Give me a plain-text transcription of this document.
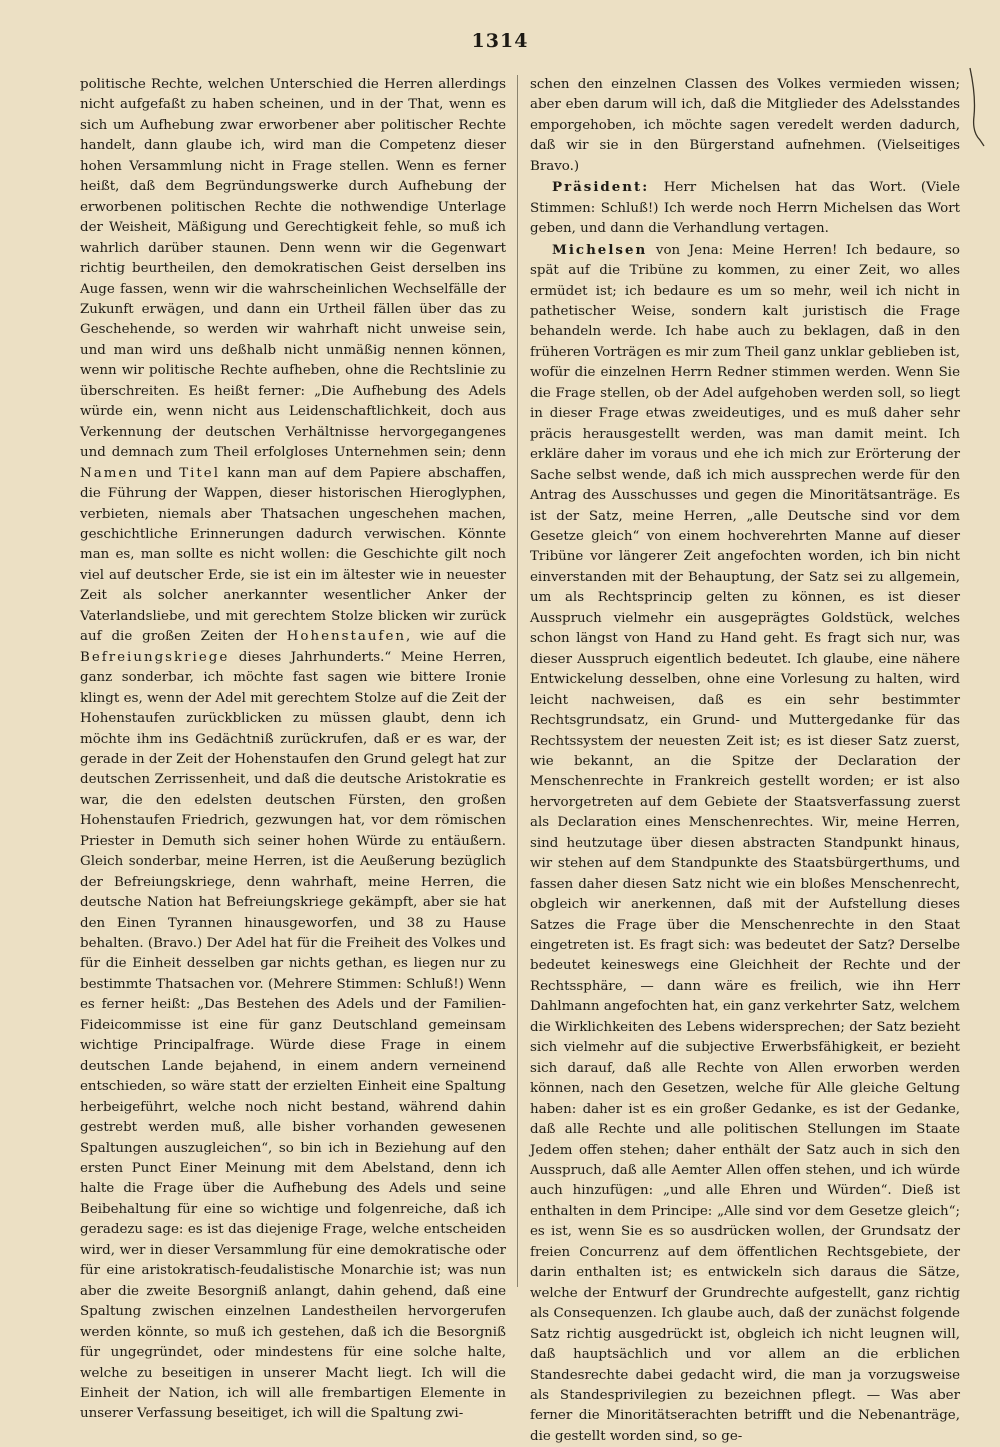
1314

politische Rechte, welchen Unterschied die Herren allerdings nicht aufgefaßt zu haben scheinen, und in der That, wenn es sich um Aufhebung zwar erworbener aber politischer Rechte handelt, dann glaube ich, wird man die Competenz dieser hohen Versammlung nicht in Frage stellen. Wenn es ferner heißt, daß dem Begründungswerke durch Aufhebung der erworbenen politischen Rechte die nothwendige Unterlage der Weisheit, Mäßigung und Gerechtigkeit fehle, so muß ich wahrlich darüber staunen. Denn wenn wir die Gegenwart richtig beurtheilen, den demokratischen Geist derselben ins Auge fassen, wenn wir die wahrscheinlichen Wechselfälle der Zukunft erwägen, und dann ein Urtheil fällen über das zu Geschehende, so werden wir wahrhaft nicht unweise sein, und man wird uns deßhalb nicht unmäßig nennen können, wenn wir politische Rechte aufheben, ohne die Rechtslinie zu überschreiten. Es heißt ferner: „Die Aufhebung des Adels würde ein, wenn nicht aus Leidenschaftlichkeit, doch aus Verkennung der deutschen Verhältnisse hervorgegangenes und demnach zum Theil erfolgloses Unternehmen sein; denn Namen und Titel kann man auf dem Papiere abschaffen, die Führung der Wappen, dieser historischen Hieroglyphen, verbieten, niemals aber Thatsachen ungeschehen machen, geschichtliche Erinnerungen dadurch verwischen. Könnte man es, man sollte es nicht wollen: die Geschichte gilt noch viel auf deutscher Erde, sie ist ein im ältester wie in neuester Zeit als solcher anerkannter wesentlicher Anker der Vaterlandsliebe, und mit gerechtem Stolze blicken wir zurück auf die großen Zeiten der Hohenstaufen, wie auf die Befreiungskriege dieses Jahrhunderts.“ Meine Herren, ganz sonderbar, ich möchte fast sagen wie bittere Ironie klingt es, wenn der Adel mit gerechtem Stolze auf die Zeit der Hohenstaufen zurückblicken zu müssen glaubt, denn ich möchte ihm ins Gedächtniß zurückrufen, daß er es war, der gerade in der Zeit der Hohenstaufen den Grund gelegt hat zur deutschen Zerrissenheit, und daß die deutsche Aristokratie es war, die den edelsten deutschen Fürsten, den großen Hohenstaufen Friedrich, gezwungen hat, vor dem römischen Priester in Demuth sich seiner hohen Würde zu entäußern. Gleich sonderbar, meine Herren, ist die Aeußerung bezüglich der Befreiungskriege, denn wahrhaft, meine Herren, die deutsche Nation hat Befreiungskriege gekämpft, aber sie hat den Einen Tyrannen hinausgeworfen, und 38 zu Hause behalten. (Bravo.) Der Adel hat für die Freiheit des Volkes und für die Einheit desselben gar nichts gethan, es liegen nur zu bestimmte Thatsachen vor. (Mehrere Stimmen: Schluß!) Wenn es ferner heißt: „Das Bestehen des Adels und der Familien-Fideicommisse ist eine für ganz Deutschland gemeinsam wichtige Principalfrage. Würde diese Frage in einem deutschen Lande bejahend, in einem andern verneinend entschieden, so wäre statt der erzielten Einheit eine Spaltung herbeigeführt, welche noch nicht bestand, während dahin gestrebt werden muß, alle bisher vorhanden gewesenen Spaltungen auszugleichen“, so bin ich in Beziehung auf den ersten Punct Einer Meinung mit dem Abelstand, denn ich halte die Frage über die Aufhebung des Adels und seine Beibehaltung für eine so wichtige und folgenreiche, daß ich geradezu sage: es ist das diejenige Frage, welche entscheiden wird, wer in dieser Versammlung für eine demokratische oder für eine aristokratisch-feudalistische Monarchie ist; was nun aber die zweite Besorgniß anlangt, dahin gehend, daß eine Spaltung zwischen einzelnen Landestheilen hervorgerufen werden könnte, so muß ich gestehen, daß ich die Besorgniß für ungegründet, oder mindestens für eine solche halte, welche zu beseitigen in unserer Macht liegt. Ich will die Einheit der Nation, ich will alle frembartigen Elemente in unserer Verfassung beseitiget, ich will die Spaltung zwi-

schen den einzelnen Classen des Volkes vermieden wissen; aber eben darum will ich, daß die Mitglieder des Adelsstandes emporgehoben, ich möchte sagen veredelt werden dadurch, daß wir sie in den Bürgerstand aufnehmen. (Vielseitiges Bravo.)

Präsident: Herr Michelsen hat das Wort. (Viele Stimmen: Schluß!) Ich werde noch Herrn Michelsen das Wort geben, und dann die Verhandlung vertagen.

Michelsen von Jena: Meine Herren! Ich bedaure, so spät auf die Tribüne zu kommen, zu einer Zeit, wo alles ermüdet ist; ich bedaure es um so mehr, weil ich nicht in pathetischer Weise, sondern kalt juristisch die Frage behandeln werde. Ich habe auch zu beklagen, daß in den früheren Vorträgen es mir zum Theil ganz unklar geblieben ist, wofür die einzelnen Herrn Redner stimmen werden. Wenn Sie die Frage stellen, ob der Adel aufgehoben werden soll, so liegt in dieser Frage etwas zweideutiges, und es muß daher sehr präcis herausgestellt werden, was man damit meint. Ich erkläre daher im voraus und ehe ich mich zur Erörterung der Sache selbst wende, daß ich mich aussprechen werde für den Antrag des Ausschusses und gegen die Minoritätsanträge. Es ist der Satz, meine Herren, „alle Deutsche sind vor dem Gesetze gleich“ von einem hochverehrten Manne auf dieser Tribüne vor längerer Zeit angefochten worden, ich bin nicht einverstanden mit der Behauptung, der Satz sei zu allgemein, um als Rechtsprincip gelten zu können, es ist dieser Ausspruch vielmehr ein ausgeprägtes Goldstück, welches schon längst von Hand zu Hand geht. Es fragt sich nur, was dieser Ausspruch eigentlich bedeutet. Ich glaube, eine nähere Entwickelung desselben, ohne eine Vorlesung zu halten, wird leicht nachweisen, daß es ein sehr bestimmter Rechtsgrundsatz, ein Grund- und Muttergedanke für das Rechtssystem der neuesten Zeit ist; es ist dieser Satz zuerst, wie bekannt, an die Spitze der Declaration der Menschenrechte in Frankreich gestellt worden; er ist also hervorgetreten auf dem Gebiete der Staatsverfassung zuerst als Declaration eines Menschenrechtes. Wir, meine Herren, sind heutzutage über diesen abstracten Standpunkt hinaus, wir stehen auf dem Standpunkte des Staatsbürgerthums, und fassen daher diesen Satz nicht wie ein bloßes Menschenrecht, obgleich wir anerkennen, daß mit der Aufstellung dieses Satzes die Frage über die Menschenrechte in den Staat eingetreten ist. Es fragt sich: was bedeutet der Satz? Derselbe bedeutet keineswegs eine Gleichheit der Rechte und der Rechtssphäre, — dann wäre es freilich, wie ihn Herr Dahlmann angefochten hat, ein ganz verkehrter Satz, welchem die Wirklichkeiten des Lebens widersprechen; der Satz bezieht sich vielmehr auf die subjective Erwerbsfähigkeit, er bezieht sich darauf, daß alle Rechte von Allen erworben werden können, nach den Gesetzen, welche für Alle gleiche Geltung haben: daher ist es ein großer Gedanke, es ist der Gedanke, daß alle Rechte und alle politischen Stellungen im Staate Jedem offen stehen; daher enthält der Satz auch in sich den Ausspruch, daß alle Aemter Allen offen stehen, und ich würde auch hinzufügen: „und alle Ehren und Würden“. Dieß ist enthalten in dem Principe: „Alle sind vor dem Gesetze gleich“; es ist, wenn Sie es so ausdrücken wollen, der Grundsatz der freien Concurrenz auf dem öffentlichen Rechtsgebiete, der darin enthalten ist; es entwickeln sich daraus die Sätze, welche der Entwurf der Grundrechte aufgestellt, ganz richtig als Consequenzen. Ich glaube auch, daß der zunächst folgende Satz richtig ausgedrückt ist, obgleich ich nicht leugnen will, daß hauptsächlich und vor allem an die erblichen Standesrechte dabei gedacht wird, die man ja vorzugsweise als Standesprivilegien zu bezeichnen pflegt. — Was aber ferner die Minoritätserachten betrifft und die Nebenanträge, die gestellt worden sind, so ge-
